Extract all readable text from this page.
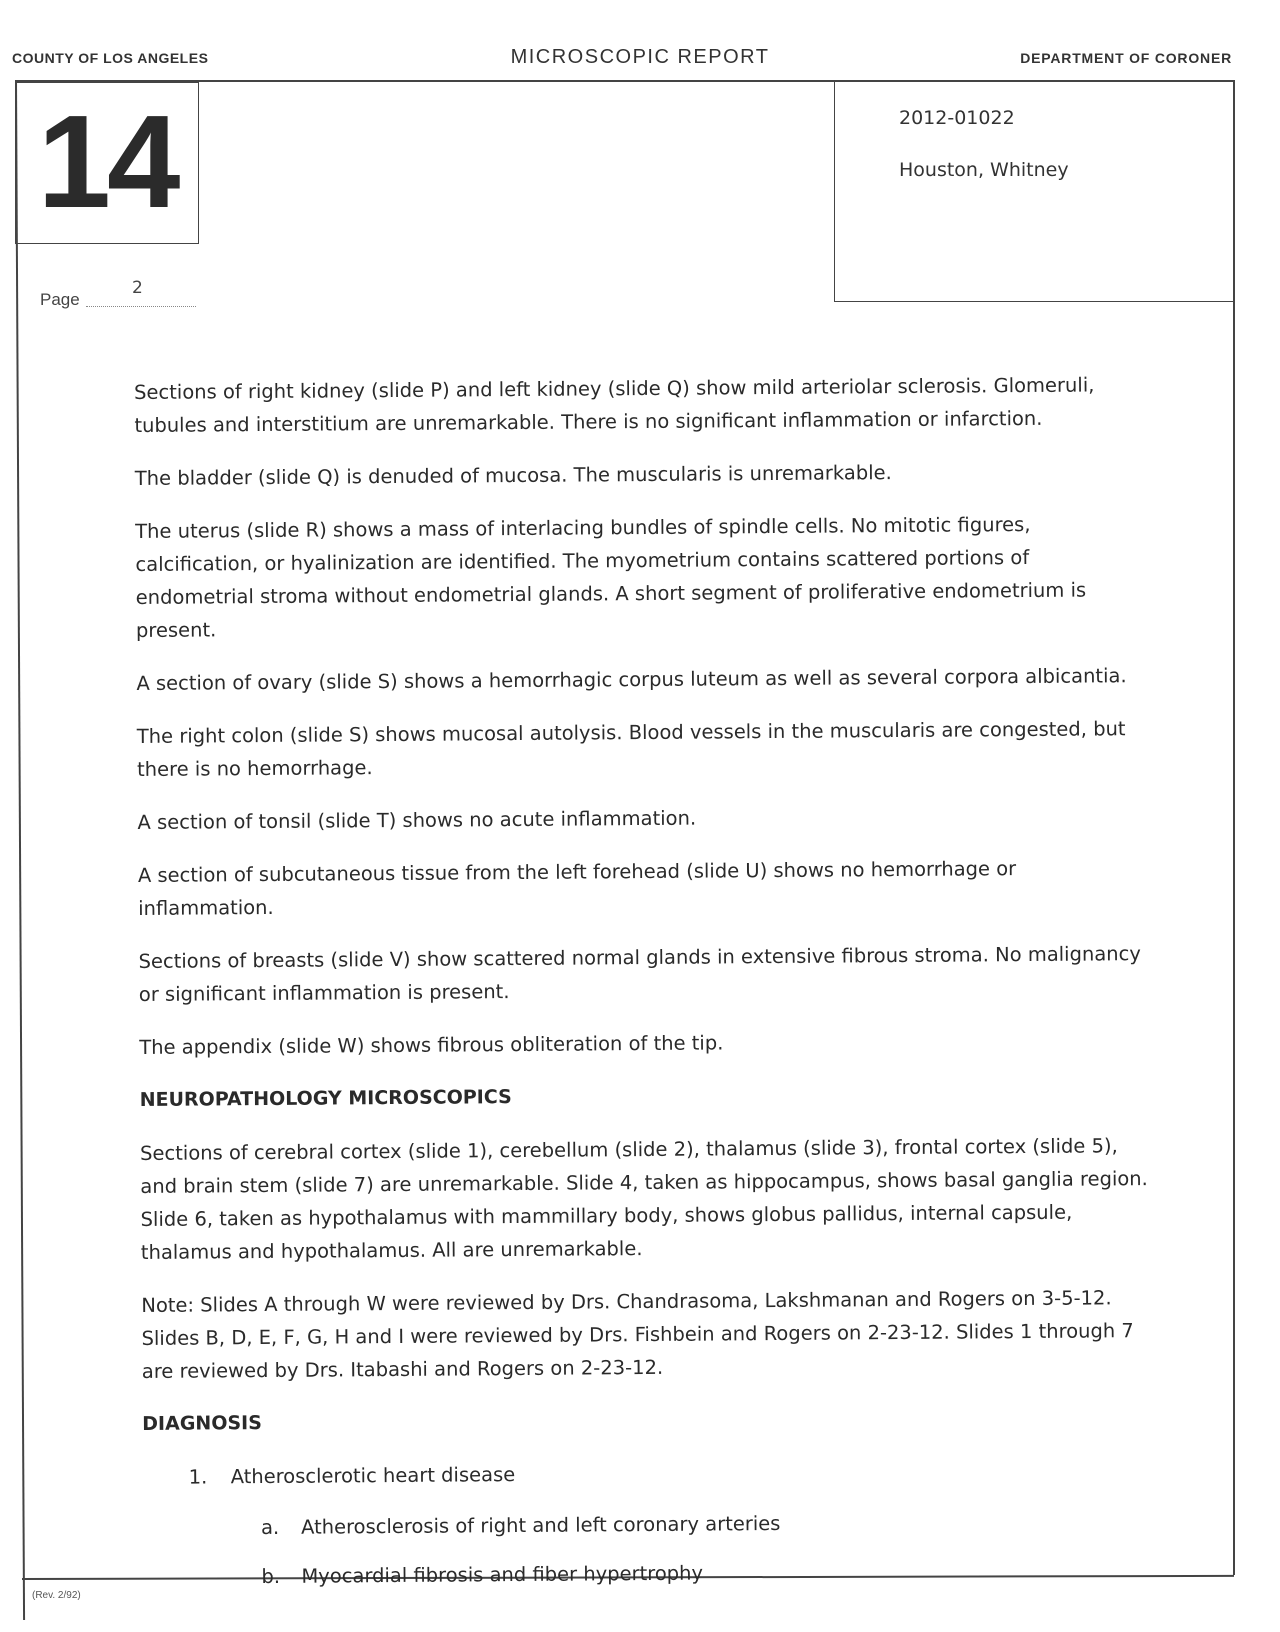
COUNTY OF LOS ANGELES	MICROSCOPIC REPORT	DEPARTMENT OF CORONER
14	2012-01022
Houston, Whitney
Page
2

Sections of right kidney (slide P) and left kidney (slide Q) show mild arteriolar sclerosis. Glomeruli, tubules and interstitium are unremarkable. There is no significant inflammation or infarction.

The bladder (slide Q) is denuded of mucosa. The muscularis is unremarkable.

The uterus (slide R) shows a mass of interlacing bundles of spindle cells. No mitotic figures, calcification, or hyalinization are identified. The myometrium contains scattered portions of endometrial stroma without endometrial glands. A short segment of proliferative endometrium is present.

A section of ovary (slide S) shows a hemorrhagic corpus luteum as well as several corpora albicantia.

The right colon (slide S) shows mucosal autolysis. Blood vessels in the muscularis are congested, but there is no hemorrhage.

A section of tonsil (slide T) shows no acute inflammation.

A section of subcutaneous tissue from the left forehead (slide U) shows no hemorrhage or inflammation.

Sections of breasts (slide V) show scattered normal glands in extensive fibrous stroma. No malignancy or significant inflammation is present.

The appendix (slide W) shows fibrous obliteration of the tip.

NEUROPATHOLOGY MICROSCOPICS

Sections of cerebral cortex (slide 1), cerebellum (slide 2), thalamus (slide 3), frontal cortex (slide 5), and brain stem (slide 7) are unremarkable. Slide 4, taken as hippocampus, shows basal ganglia region. Slide 6, taken as hypothalamus with mammillary body, shows globus pallidus, internal capsule, thalamus and hypothalamus. All are unremarkable.

Note: Slides A through W were reviewed by Drs. Chandrasoma, Lakshmanan and Rogers on 3-5-12. Slides B, D, E, F, G, H and I were reviewed by Drs. Fishbein and Rogers on 2-23-12. Slides 1 through 7 are reviewed by Drs. Itabashi and Rogers on 2-23-12.

DIAGNOSIS
1. Atherosclerotic heart disease
a. Atherosclerosis of right and left coronary arteries
b. Myocardial fibrosis and fiber hypertrophy
(Rev. 2/92)
